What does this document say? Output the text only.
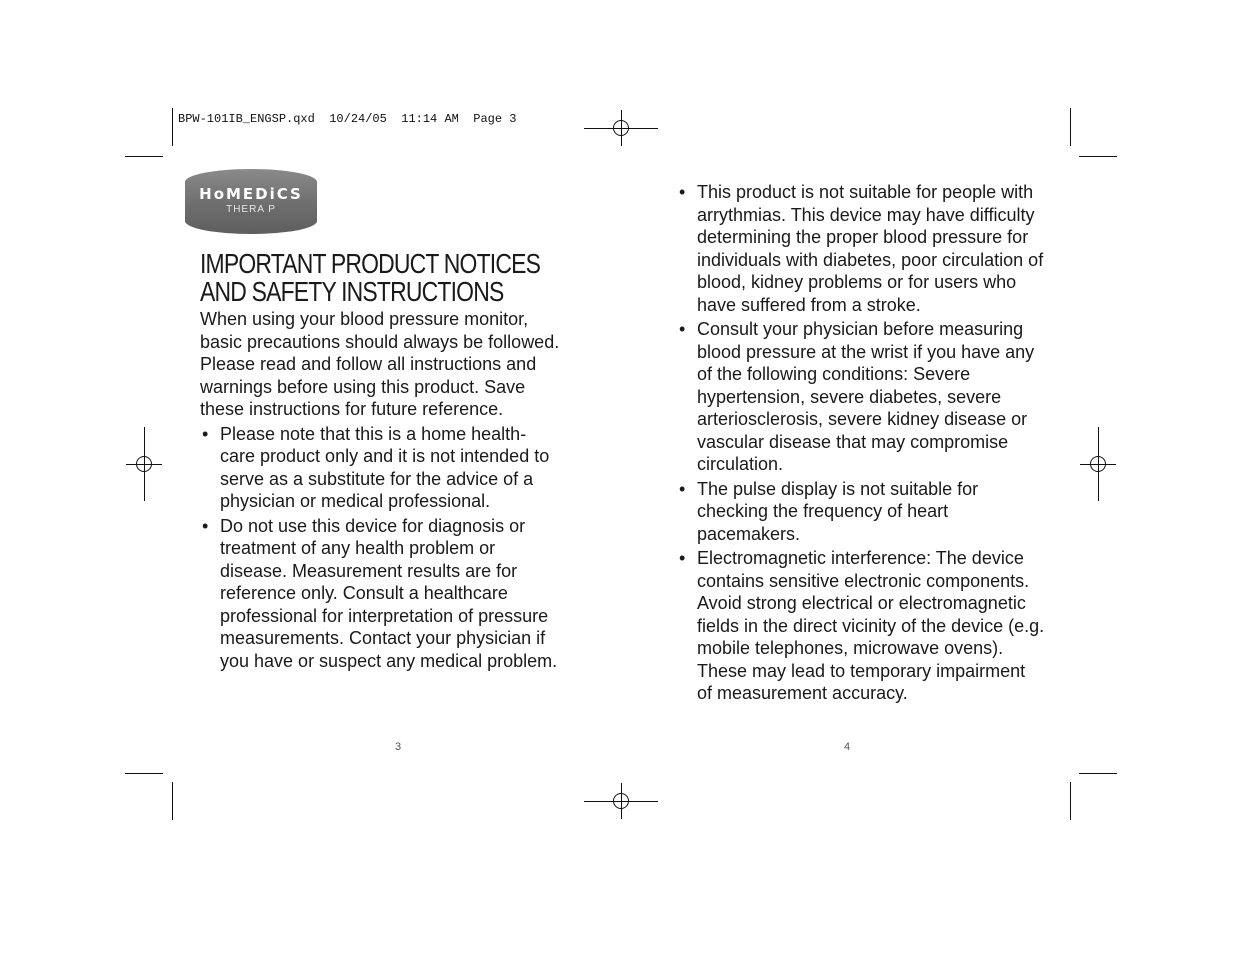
BPW-101IB_ENGSP.qxd  10/24/05  11:14 AM  Page 3
HoMEDiCS
THERA P
IMPORTANT PRODUCT NOTICES AND SAFETY INSTRUCTIONS

When using your blood pressure monitor, basic precautions should always be followed. Please read and follow all instructions and warnings before using this product. Save these instructions for future reference.

• Please note that this is a home health-care product only and it is not intended to serve as a substitute for the advice of a physician or medical professional.
• Do not use this device for diagnosis or treatment of any health problem or disease. Measurement results are for reference only. Consult a healthcare professional for interpretation of pressure measurements. Contact your physician if you have or suspect any medical problem.
• This product is not suitable for people with arrythmias. This device may have difficulty determining the proper blood pressure for individuals with diabetes, poor circulation of blood, kidney problems or for users who have suffered from a stroke.
• Consult your physician before measuring blood pressure at the wrist if you have any of the following conditions: Severe hypertension, severe diabetes, severe arteriosclerosis, severe kidney disease or vascular disease that may compromise circulation.
• The pulse display is not suitable for checking the frequency of heart pacemakers.
• Electromagnetic interference: The device contains sensitive electronic components. Avoid strong electrical or electromagnetic fields in the direct vicinity of the device (e.g. mobile telephones, microwave ovens). These may lead to temporary impairment of measurement accuracy.
3	4
